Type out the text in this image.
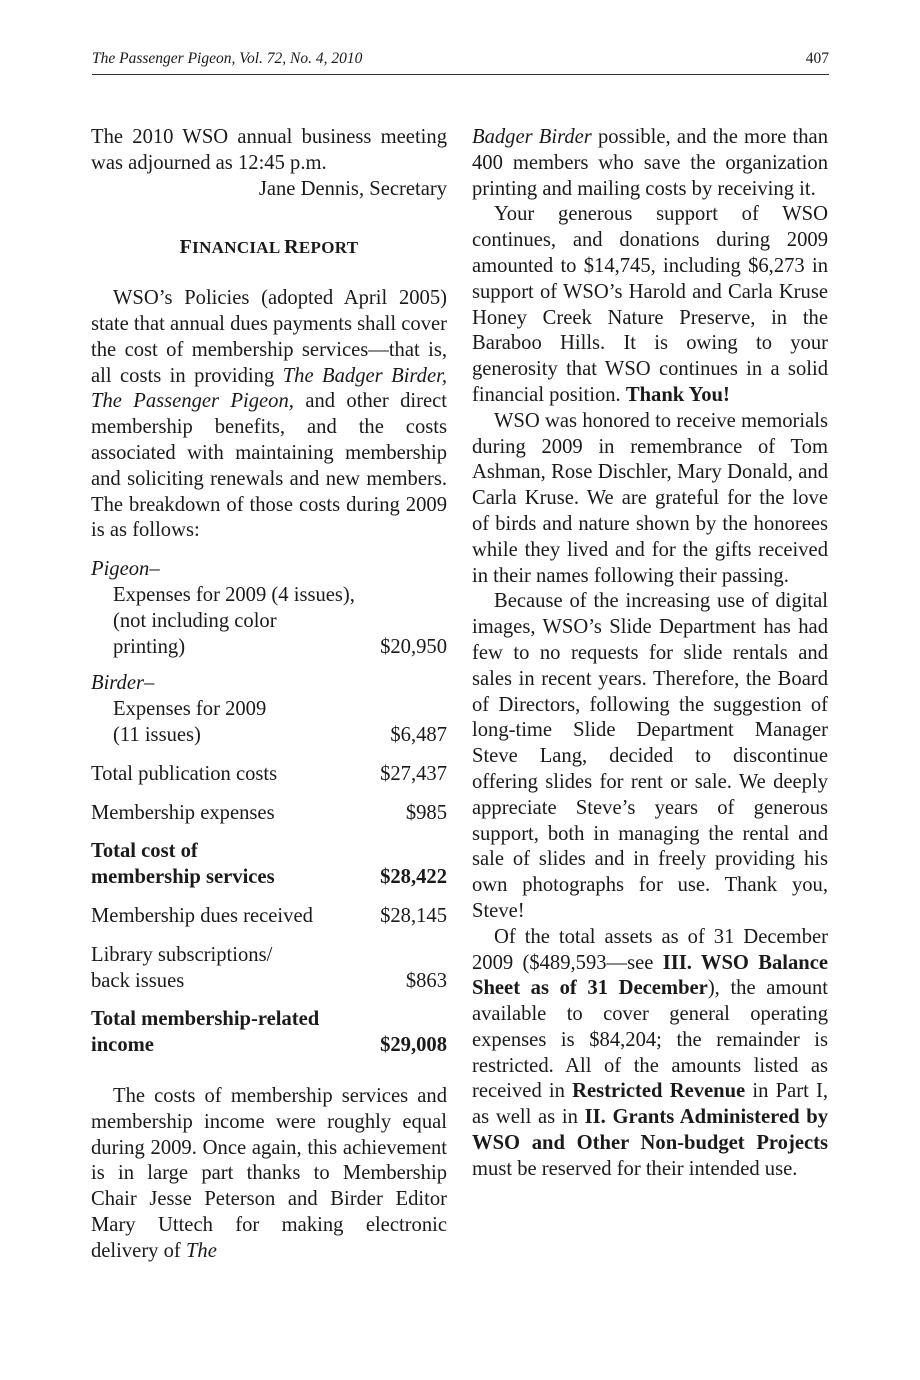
The Passenger Pigeon, Vol. 72, No. 4, 2010	407

The 2010 WSO annual business meeting was adjourned as 12:45 p.m.

Jane Dennis, Secretary

FINANCIAL REPORT

WSO’s Policies (adopted April 2005) state that annual dues payments shall cover the cost of membership services—that is, all costs in providing The Badger Birder, The Passenger Pigeon, and other direct membership benefits, and the costs associated with maintaining membership and soliciting renewals and new members. The breakdown of those costs during 2009 is as follows:

Pigeon–
Expenses for 2009 (4 issues),
(not including color
printing)	$20,950
Birder–
Expenses for 2009
(11 issues)	$6,487
Total publication costs	$27,437
Membership expenses	$985
Total cost of
membership services	$28,422
Membership dues received	$28,145
Library subscriptions/
back issues	$863
Total membership-related
income	$29,008

The costs of membership services and membership income were roughly equal during 2009. Once again, this achievement is in large part thanks to Membership Chair Jesse Peterson and Birder Editor Mary Uttech for making electronic delivery of The

Badger Birder possible, and the more than 400 members who save the organization printing and mailing costs by receiving it.

Your generous support of WSO continues, and donations during 2009 amounted to $14,745, including $6,273 in support of WSO’s Harold and Carla Kruse Honey Creek Nature Preserve, in the Baraboo Hills. It is owing to your generosity that WSO continues in a solid financial position. Thank You!

WSO was honored to receive memorials during 2009 in remembrance of Tom Ashman, Rose Dischler, Mary Donald, and Carla Kruse. We are grateful for the love of birds and nature shown by the honorees while they lived and for the gifts received in their names following their passing.

Because of the increasing use of digital images, WSO’s Slide Department has had few to no requests for slide rentals and sales in recent years. Therefore, the Board of Directors, following the suggestion of long-time Slide Department Manager Steve Lang, decided to discontinue offering slides for rent or sale. We deeply appreciate Steve’s years of generous support, both in managing the rental and sale of slides and in freely providing his own photographs for use. Thank you, Steve!

Of the total assets as of 31 December 2009 ($489,593—see III. WSO Balance Sheet as of 31 December), the amount available to cover general operating expenses is $84,204; the remainder is restricted. All of the amounts listed as received in Restricted Revenue in Part I, as well as in II. Grants Administered by WSO and Other Non-budget Projects must be reserved for their intended use.
